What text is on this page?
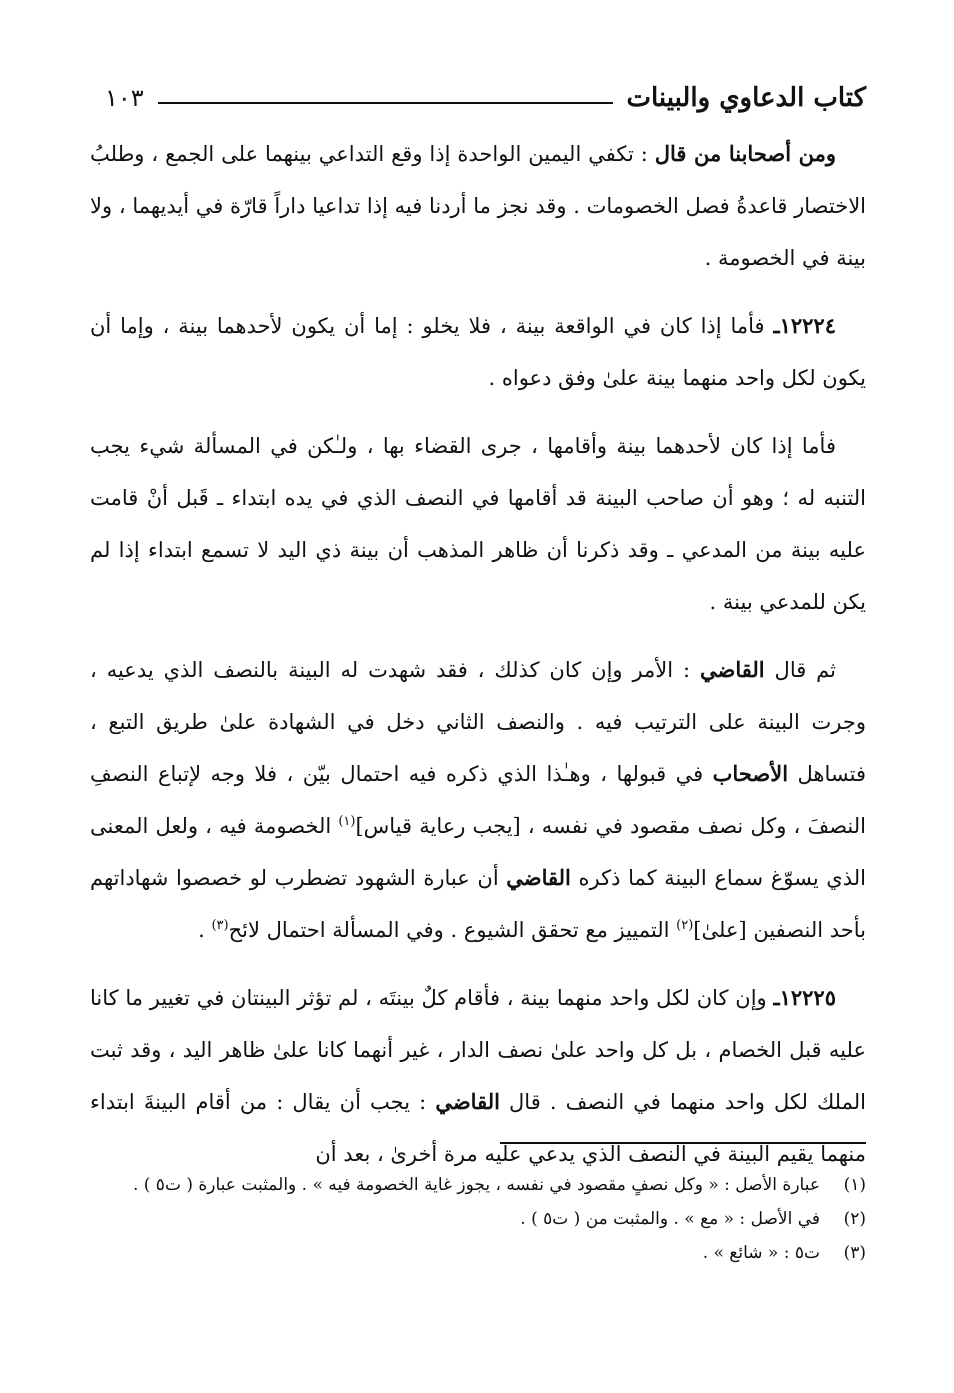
كتاب الدعاوي والبينات
١٠٣

ومن أصحابنا من قال : تكفي اليمين الواحدة إذا وقع التداعي بينهما على الجمع ، وطلبُ الاختصار قاعدةُ فصل الخصومات . وقد نجز ما أردنا فيه إذا تداعيا داراً قارّة في أيديهما ، ولا بينة في الخصومة .

١٢٢٢٤ـ فأما إذا كان في الواقعة بينة ، فلا يخلو : إما أن يكون لأحدهما بينة ، وإما أن يكون لكل واحد منهما بينة علىٰ وفق دعواه .

فأما إذا كان لأحدهما بينة وأقامها ، جرى القضاء بها ، ولـٰكن في المسألة شيء يجب التنبه له ؛ وهو أن صاحب البينة قد أقامها في النصف الذي في يده ابتداء ـ قَبل أنْ قامت عليه بينة من المدعي ـ وقد ذكرنا أن ظاهر المذهب أن بينة ذي اليد لا تسمع ابتداء إذا لم يكن للمدعي بينة .

ثم قال القاضي : الأمر وإن كان كذلك ، فقد شهدت له البينة بالنصف الذي يدعيه ، وجرت البينة على الترتيب فيه . والنصف الثاني دخل في الشهادة علىٰ طريق التبع ، فتساهل الأصحاب في قبولها ، وهـٰذا الذي ذكره فيه احتمال بيّن ، فلا وجه لإتباع النصفِ النصفَ ، وكل نصف مقصود في نفسه ، [يجب رعاية قياس]$^{(١)}$ الخصومة فيه ، ولعل المعنى الذي يسوّغ سماع البينة كما ذكره القاضي أن عبارة الشهود تضطرب لو خصصوا شهاداتهم بأحد النصفين [علىٰ]$^{(٢)}$ التمييز مع تحقق الشيوع . وفي المسألة احتمال لائح$^{(٣)}$ .

١٢٢٢٥ـ وإن كان لكل واحد منهما بينة ، فأقام كلٌ بينتَه ، لم تؤثر البينتان في تغيير ما كانا عليه قبل الخصام ، بل كل واحد علىٰ نصف الدار ، غير أنهما كانا علىٰ ظاهر اليد ، وقد ثبت الملك لكل واحد منهما في النصف . قال القاضي : يجب أن يقال : من أقام البينةَ ابتداء منهما يقيم البينة في النصف الذي يدعي عليه مرة أخرىٰ ، بعد أن

(١)
عبارة الأصل : « وكل نصفٍ مقصود في نفسه ، يجوز غاية الخصومة فيه » . والمثبت عبارة ( ت٥ ) .
(٢)
في الأصل : « مع » . والمثبت من ( ت٥ ) .
(٣)
ت٥ : « شائع » .
